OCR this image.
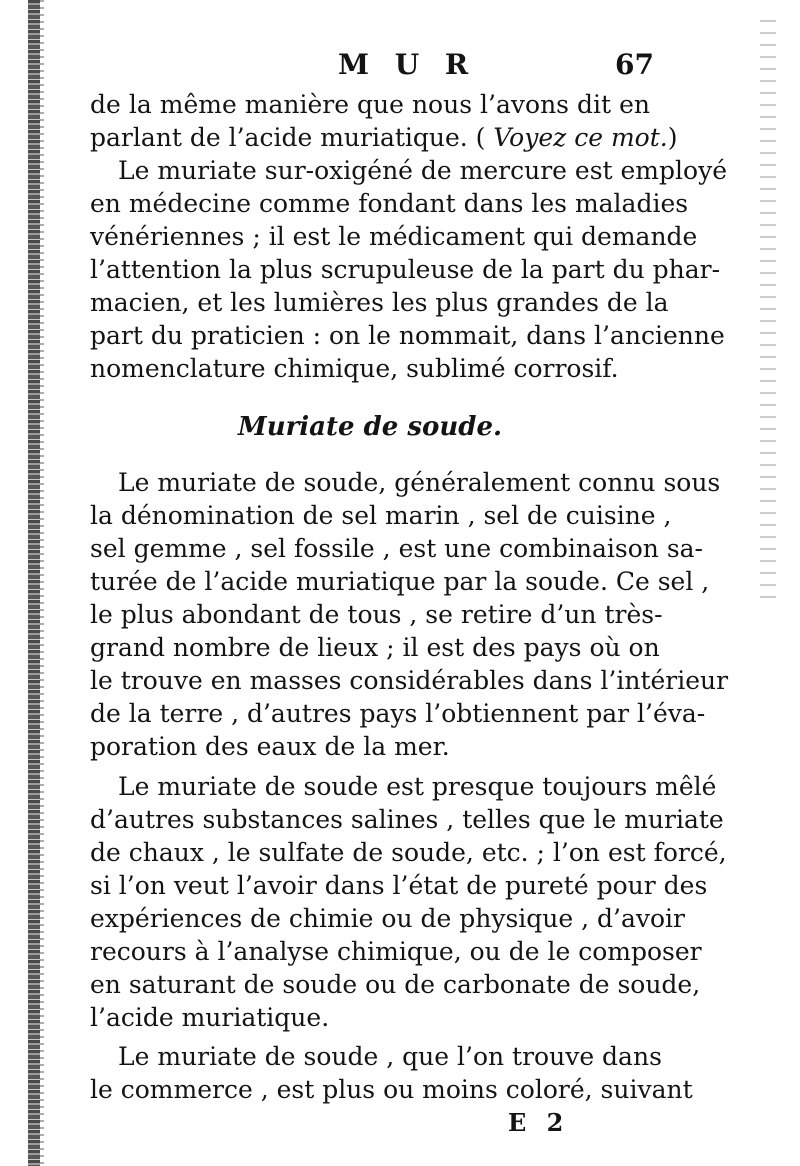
M U R	67
de la même manière que nous l’avons dit en
parlant de l’acide muriatique. ( Voyez ce mot.)
Le muriate sur-oxigéné de mercure est employé
en médecine comme fondant dans les maladies
vénériennes ; il est le médicament qui demande
l’attention la plus scrupuleuse de la part du phar-
macien, et les lumières les plus grandes de la
part du praticien : on le nommait, dans l’ancienne
nomenclature chimique, sublimé corrosif.
Muriate de soude.
Le muriate de soude, généralement connu sous
la dénomination de sel marin , sel de cuisine ,
sel gemme , sel fossile , est une combinaison sa-
turée de l’acide muriatique par la soude. Ce sel ,
le plus abondant de tous , se retire d’un très-
grand nombre de lieux ; il est des pays où on
le trouve en masses considérables dans l’intérieur
de la terre , d’autres pays l’obtiennent par l’éva-
poration des eaux de la mer.
Le muriate de soude est presque toujours mêlé
d’autres substances salines , telles que le muriate
de chaux , le sulfate de soude, etc. ; l’on est forcé,
si l’on veut l’avoir dans l’état de pureté pour des
expériences de chimie ou de physique , d’avoir
recours à l’analyse chimique, ou de le composer
en saturant de soude ou de carbonate de soude,
l’acide muriatique.
Le muriate de soude , que l’on trouve dans
le commerce , est plus ou moins coloré, suivant
E 2
